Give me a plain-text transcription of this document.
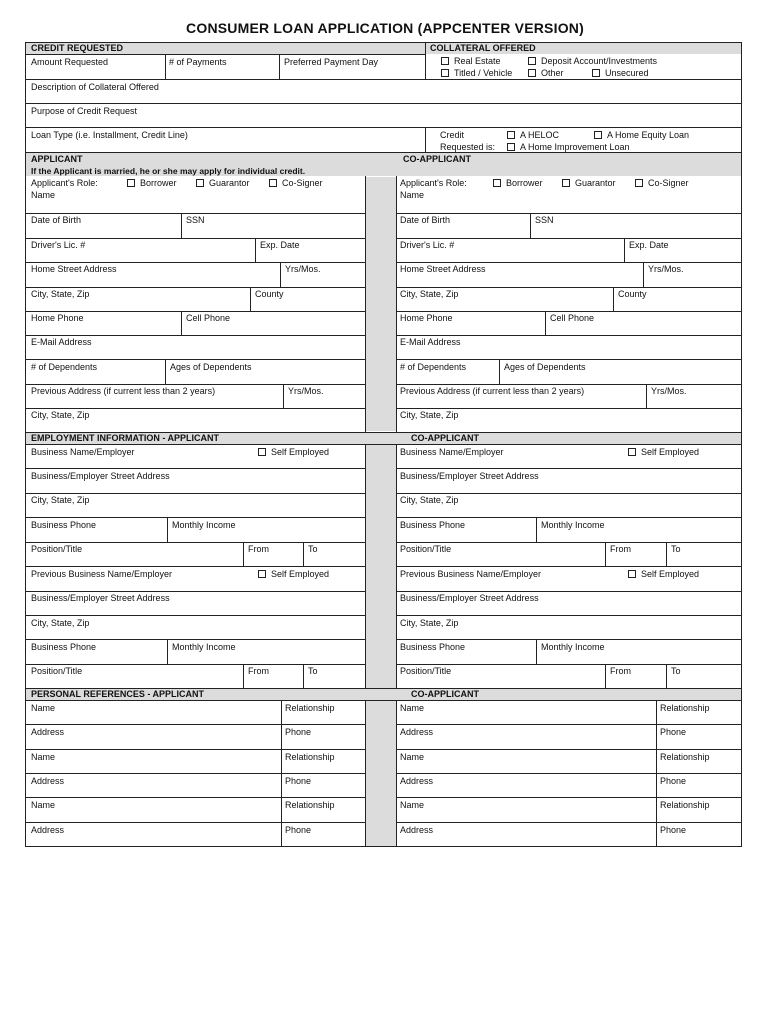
CONSUMER LOAN APPLICATION (APPCENTER VERSION)
CREDIT REQUESTED	COLLATERAL OFFERED
Amount Requested	# of Payments	Preferred Payment Day	Real Estate	Deposit Account/Investments
Titled / Vehicle	Other	Unsecured
Description of Collateral Offered
Purpose of Credit Request
Loan Type (i.e. Installment, Credit Line)	Credit
Requested is:
A HELOC	A Home Equity Loan
A Home Improvement Loan
APPLICANT	CO-APPLICANT
If the Applicant is married, he or she may apply for individual credit.
Applicant's Role:	Borrower	Guarantor	Co-Signer	Applicant's Role:	Borrower	Guarantor	Co-Signer
Name	Name
Date of Birth	SSN	Date of Birth	SSN
Driver's Lic. #	Exp. Date	Driver's Lic. #	Exp. Date
Home Street Address	Yrs/Mos.	Home Street Address	Yrs/Mos.
City, State, Zip	County	City, State, Zip	County
Home Phone	Cell Phone	Home Phone	Cell Phone
E-Mail Address	E-Mail Address
# of Dependents	Ages of Dependents	# of Dependents	Ages of Dependents
Previous Address (if current less than 2 years)	Yrs/Mos.	Previous Address (if current less than 2 years)	Yrs/Mos.
City, State, Zip	City, State, Zip
EMPLOYMENT INFORMATION - APPLICANT	CO-APPLICANT
Business Name/Employer	Self Employed	Business Name/Employer	Self Employed
Business/Employer Street Address	Business/Employer Street Address
City, State, Zip	City, State, Zip
Business Phone	Monthly Income	Business Phone	Monthly Income
Position/Title	From	To	Position/Title	From	To
Previous Business Name/Employer	Self Employed	Previous Business Name/Employer	Self Employed
Business/Employer Street Address	Business/Employer Street Address
City, State, Zip	City, State, Zip
Business Phone	Monthly Income	Business Phone	Monthly Income
Position/Title	From	To	Position/Title	From	To
PERSONAL REFERENCES - APPLICANT	CO-APPLICANT
Name	Relationship	Name	Relationship
Address	Phone	Address	Phone
Name	Relationship	Name	Relationship
Address	Phone	Address	Phone
Name	Relationship	Name	Relationship
Address	Phone	Address	Phone
